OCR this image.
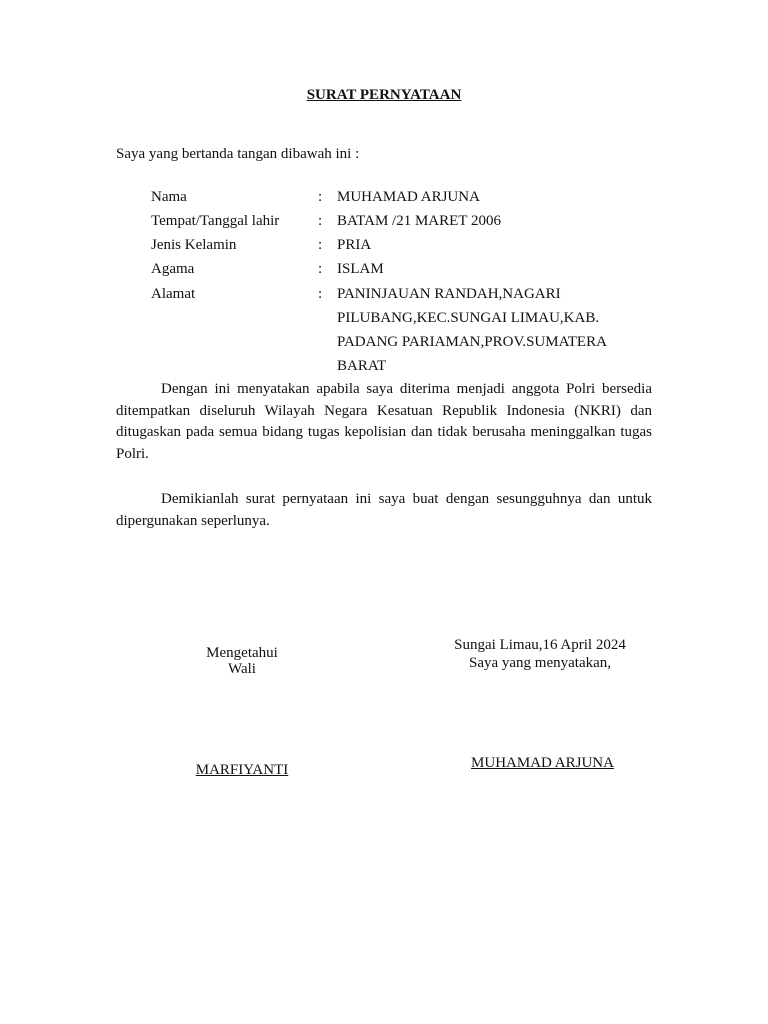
SURAT PERNYATAAN
Saya yang bertanda tangan dibawah ini :
Nama	: MUHAMAD ARJUNA
Tempat/Tanggal lahir	: BATAM /21 MARET 2006
Jenis Kelamin	: PRIA
Agama	: ISLAM
Alamat	: PANINJAUAN RANDAH,NAGARI
PILUBANG,KEC.SUNGAI LIMAU,KAB.
PADANG PARIAMAN,PROV.SUMATERA
BARAT
Dengan ini menyatakan apabila saya diterima menjadi anggota Polri bersedia ditempatkan diseluruh Wilayah Negara Kesatuan Republik Indonesia (NKRI) dan ditugaskan pada semua bidang tugas kepolisian dan tidak berusaha meninggalkan tugas Polri.
Demikianlah surat pernyataan ini saya buat dengan sesungguhnya dan untuk dipergunakan seperlunya.
Mengetahui
Wali
MARFIYANTI
Sungai Limau,16 April 2024
Saya yang menyatakan,
MUHAMAD ARJUNA
